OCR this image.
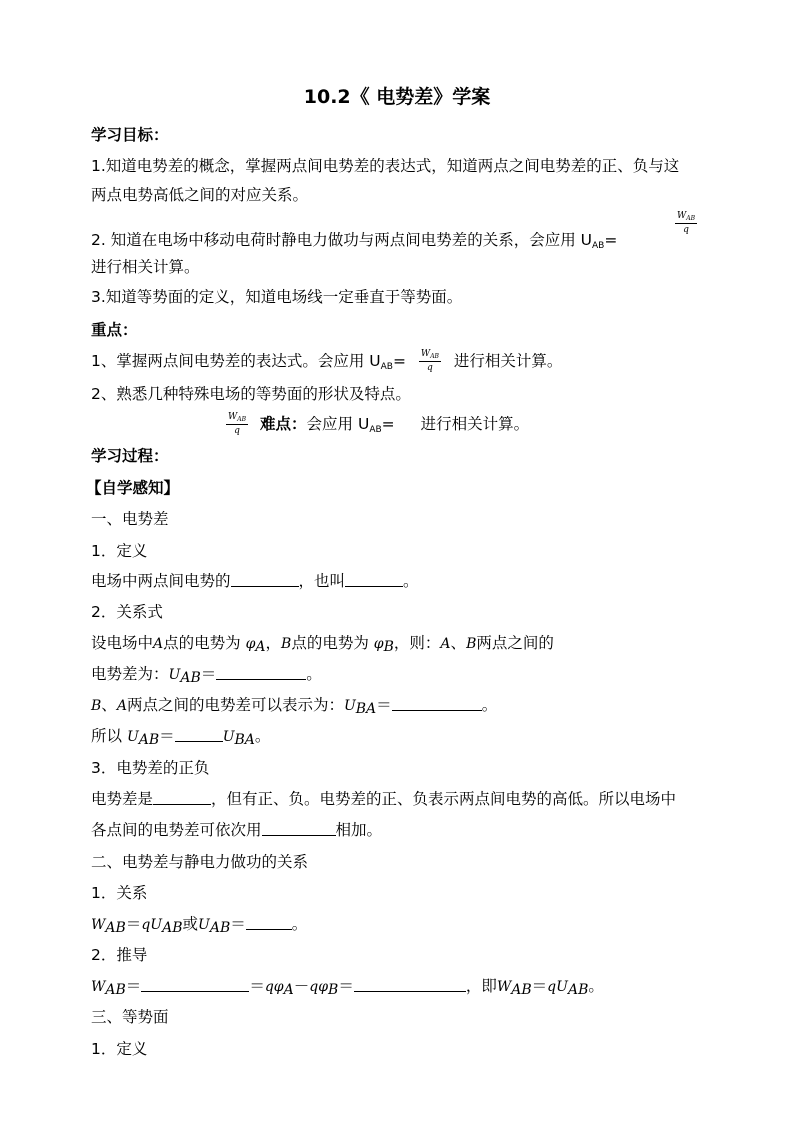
10.2《 电势差》学案
学习目标：
1.知道电势差的概念，掌握两点间电势差的表达式，知道两点之间电势差的正、负与这
两点电势高低之间的对应关系。
2. 知道在电场中移动电荷时静电力做功与两点间电势差的关系，会应用 $U_{AB}=$
$W_{AB}$
q
进行相关计算。
3.知道等势面的定义，知道电场线一定垂直于等势面。
重点：
1、掌握两点间电势差的表达式。会应用 $U_{AB}= \frac{W_{AB}}{q}$ 进行相关计算。
2、熟悉几种特殊电场的等势面的形状及特点。
$\frac{W_{AB}}{q}$ 难点：会应用 $U_{AB}=$ 进行相关计算。
学习过程：
【自学感知】
一、电势差
1．定义
电场中两点间电势的	，也叫	。
2．关系式
设电场中A点的电势为 $\varphi_A$，B点的电势为 $\varphi_B$，则：A、B两点之间的
电势差为：$U_{AB}=$	。
B、A两点之间的电势差可以表示为：$U_{BA}=$	。
所以 $U_{AB}=$	$U_{BA}$。
3．电势差的正负
电势差是	，但有正、负。电势差的正、负表示两点间电势的高低。所以电场中
各点间的电势差可依次用	相加。
二、电势差与静电力做功的关系
1．关系
$W_{AB}=qU_{AB}$或$U_{AB}=$	。
2．推导
$W_{AB}=$	$=q\varphi_A-q\varphi_B=$	，即$W_{AB}=qU_{AB}$。
三、等势面
1．定义
